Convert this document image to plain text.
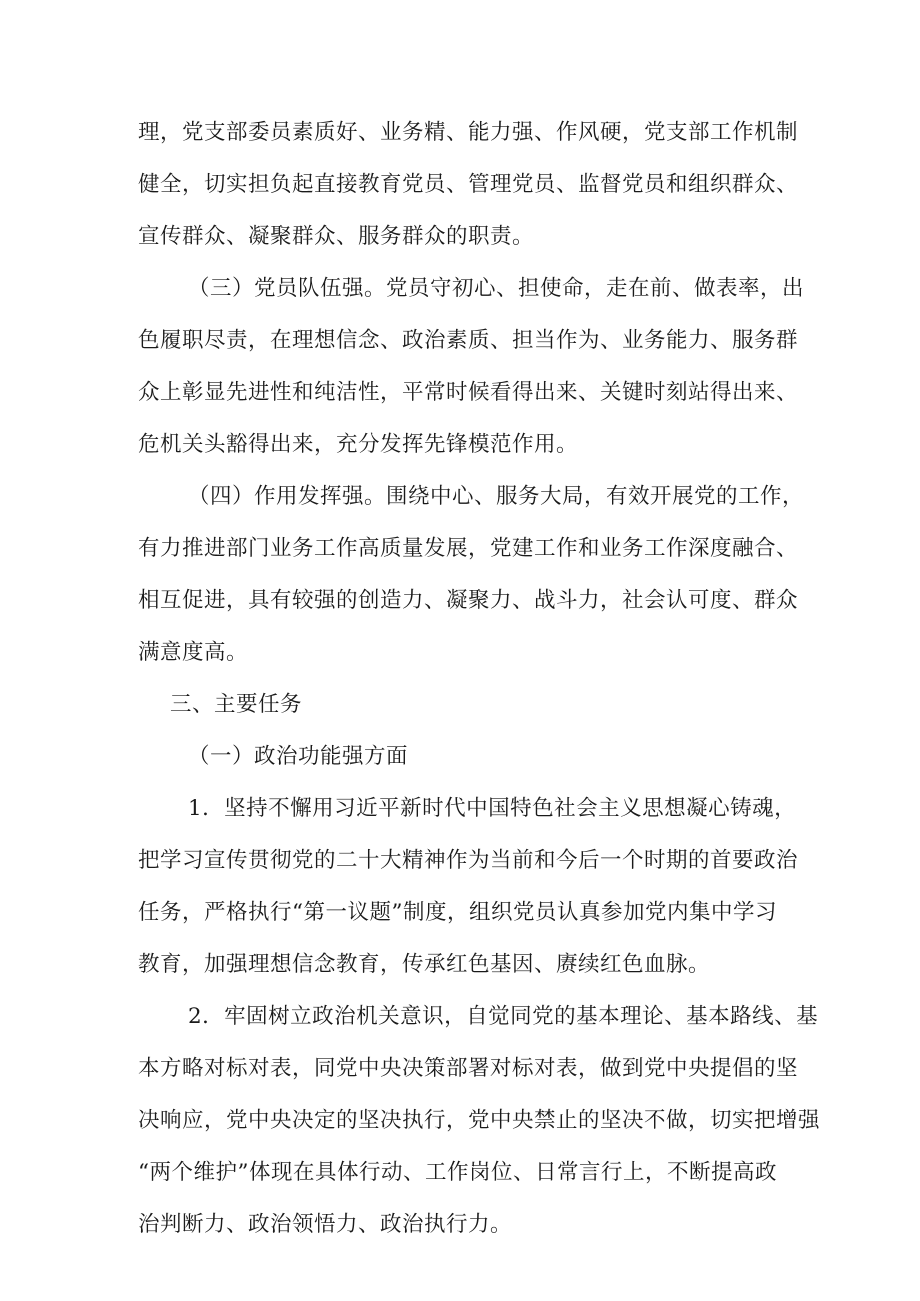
理，党支部委员素质好、业务精、能力强、作风硬，党支部工作机制
健全，切实担负起直接教育党员、管理党员、监督党员和组织群众、
宣传群众、凝聚群众、服务群众的职责。
（三）党员队伍强。党员守初心、担使命，走在前、做表率，出
色履职尽责，在理想信念、政治素质、担当作为、业务能力、服务群
众上彰显先进性和纯洁性，平常时候看得出来、关键时刻站得出来、
危机关头豁得出来，充分发挥先锋模范作用。
（四）作用发挥强。围绕中心、服务大局，有效开展党的工作，
有力推进部门业务工作高质量发展，党建工作和业务工作深度融合、
相互促进，具有较强的创造力、凝聚力、战斗力，社会认可度、群众
满意度高。
三、主要任务
（一）政治功能强方面
1．坚持不懈用习近平新时代中国特色社会主义思想凝心铸魂，
把学习宣传贯彻党的二十大精神作为当前和今后一个时期的首要政治
任务，严格执行“第一议题”制度，组织党员认真参加党内集中学习
教育，加强理想信念教育，传承红色基因、赓续红色血脉。
2．牢固树立政治机关意识，自觉同党的基本理论、基本路线、基
本方略对标对表，同党中央决策部署对标对表，做到党中央提倡的坚
决响应，党中央决定的坚决执行，党中央禁止的坚决不做，切实把增强
“两个维护”体现在具体行动、工作岗位、日常言行上，不断提高政
治判断力、政治领悟力、政治执行力。
